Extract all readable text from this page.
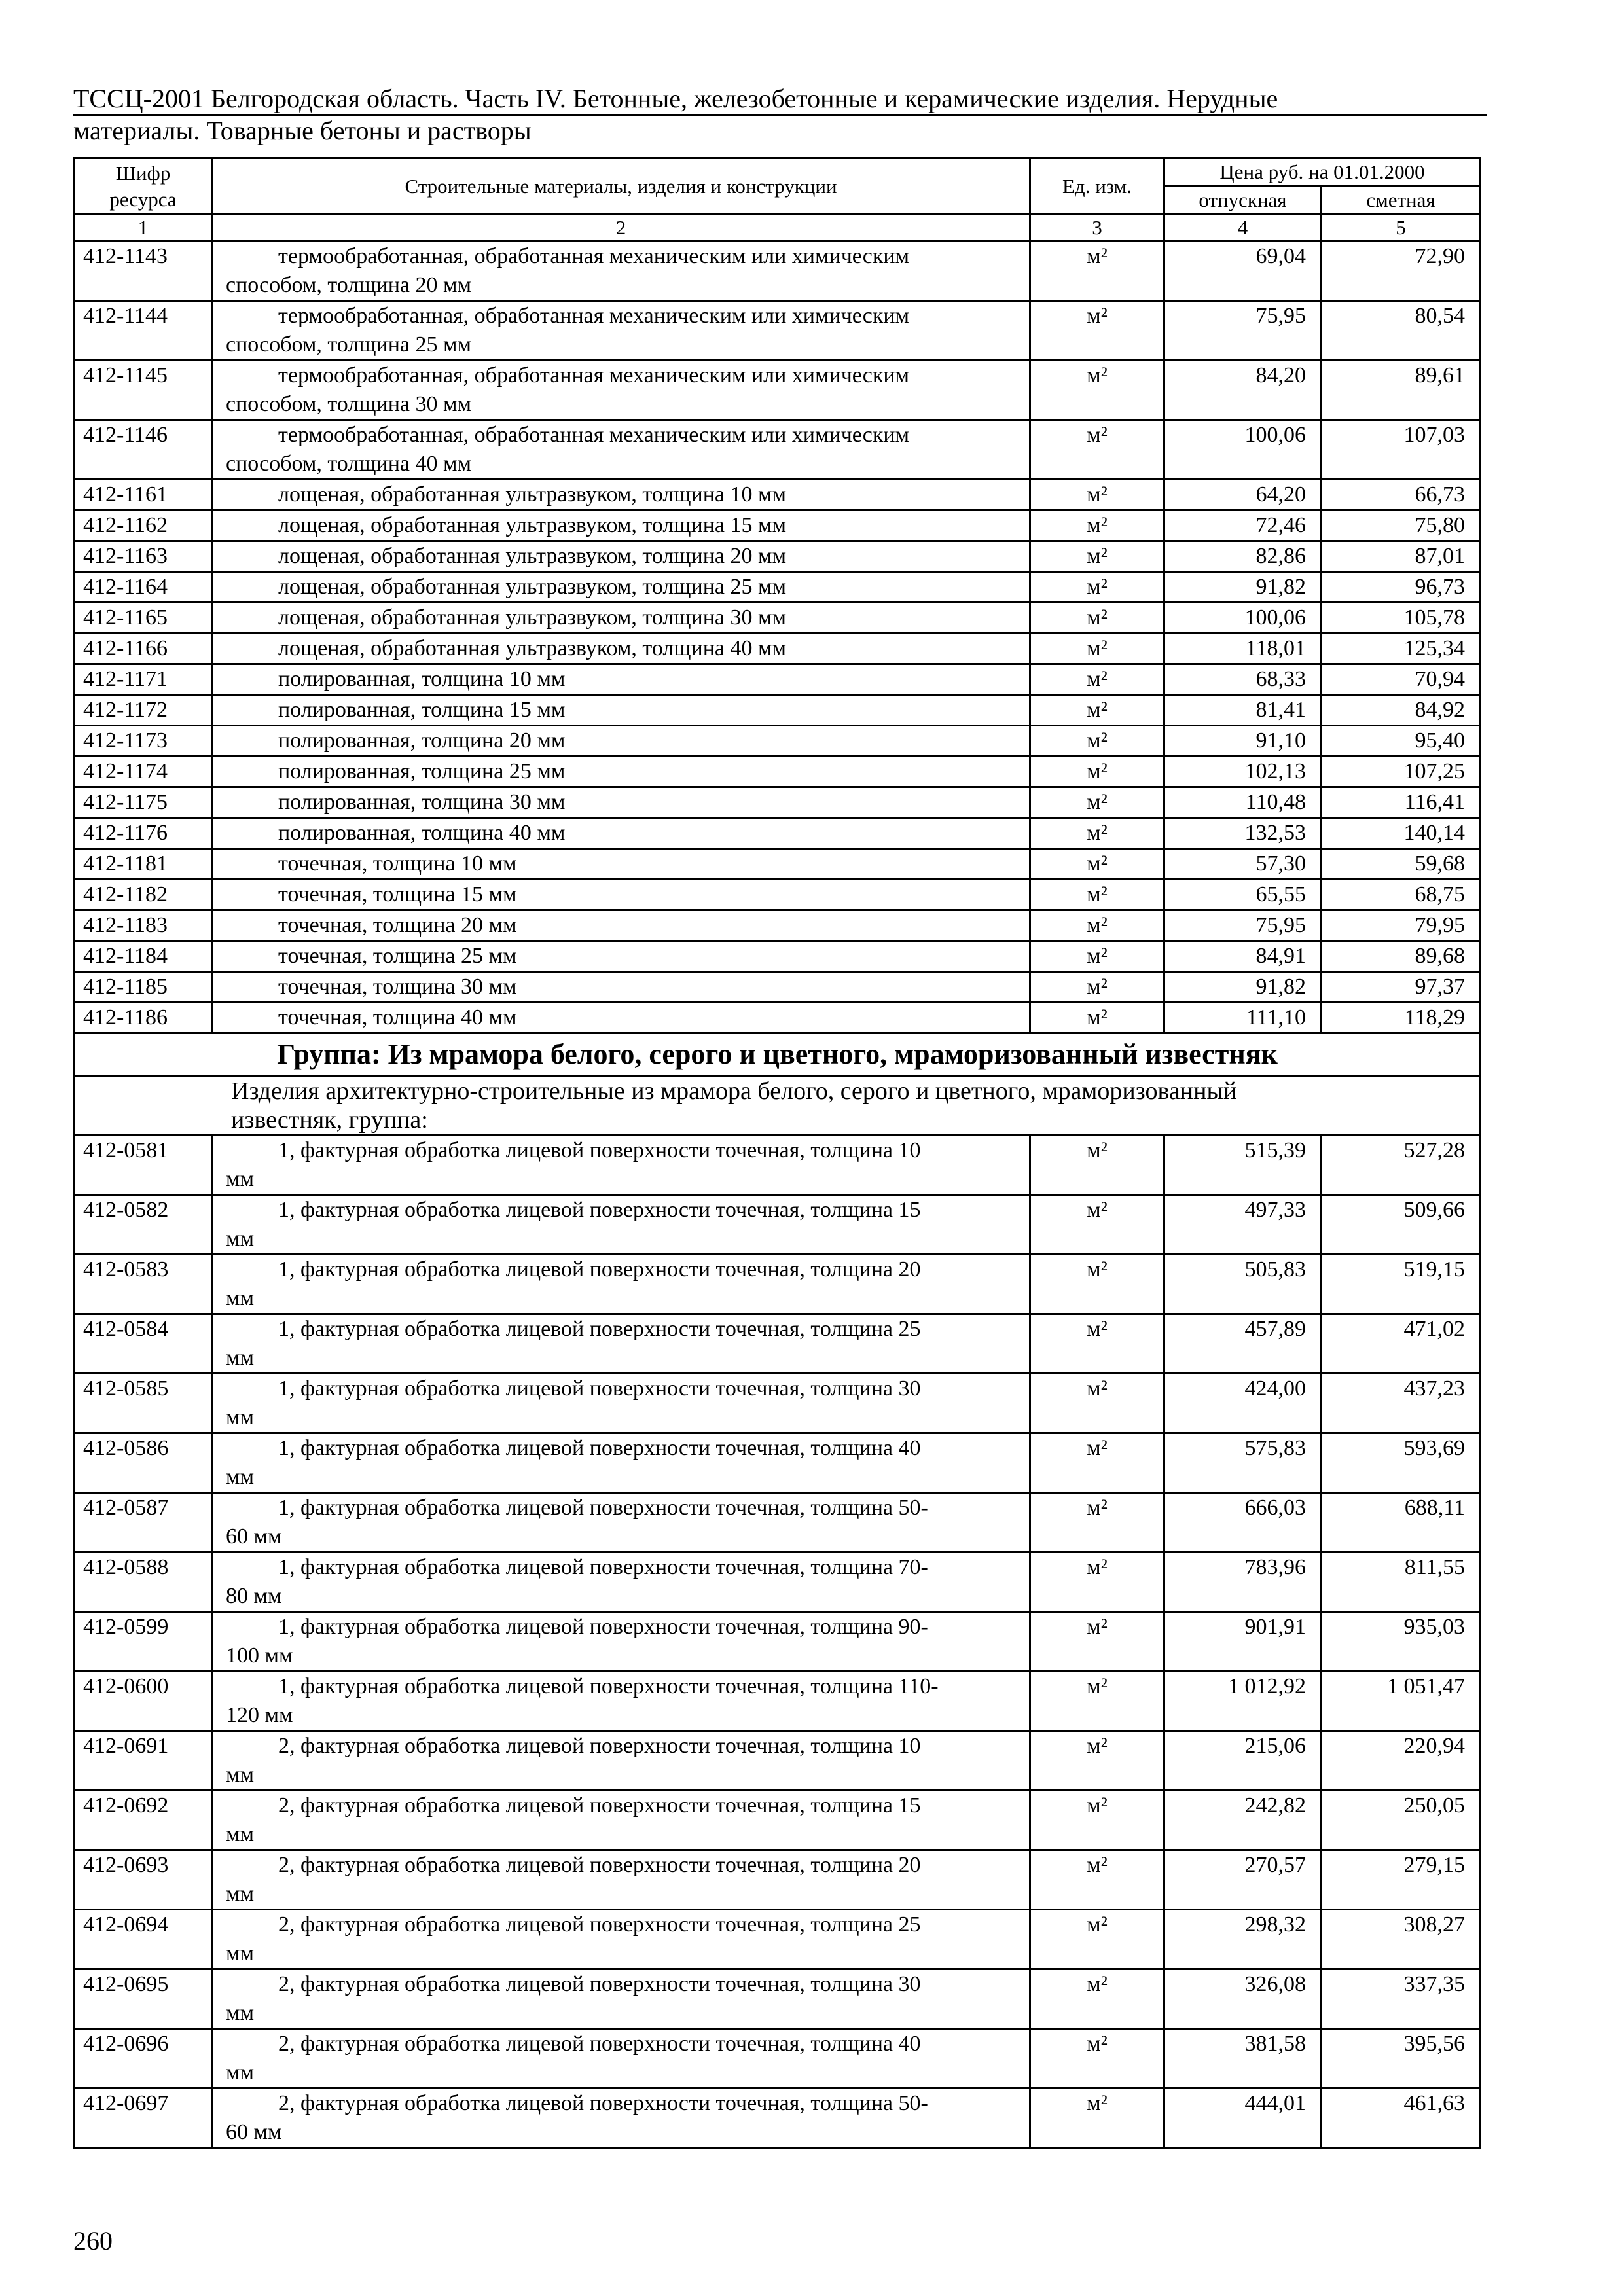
ТССЦ-2001 Белгородская область. Часть IV. Бетонные, железобетонные и керамические изделия. Нерудные
материалы. Товарные бетоны и растворы
Шифр ресурса	Строительные материалы, изделия и конструкции	Ед. изм.	Цена руб. на 01.01.2000	
			отпускная	сметная
1	2	3	4	5
412-1143	термообработанная, обработанная механическим или химическим
способом, толщина 20 мм	м²	69,04	72,90
412-1144	термообработанная, обработанная механическим или химическим
способом, толщина 25 мм	м²	75,95	80,54
412-1145	термообработанная, обработанная механическим или химическим
способом, толщина 30 мм	м²	84,20	89,61
412-1146	термообработанная, обработанная механическим или химическим
способом, толщина 40 мм	м²	100,06	107,03
412-1161	лощеная, обработанная ультразвуком, толщина 10 мм	м²	64,20	66,73
412-1162	лощеная, обработанная ультразвуком, толщина 15 мм	м²	72,46	75,80
412-1163	лощеная, обработанная ультразвуком, толщина 20 мм	м²	82,86	87,01
412-1164	лощеная, обработанная ультразвуком, толщина 25 мм	м²	91,82	96,73
412-1165	лощеная, обработанная ультразвуком, толщина 30 мм	м²	100,06	105,78
412-1166	лощеная, обработанная ультразвуком, толщина 40 мм	м²	118,01	125,34
412-1171	полированная, толщина 10 мм	м²	68,33	70,94
412-1172	полированная, толщина 15 мм	м²	81,41	84,92
412-1173	полированная, толщина 20 мм	м²	91,10	95,40
412-1174	полированная, толщина 25 мм	м²	102,13	107,25
412-1175	полированная, толщина 30 мм	м²	110,48	116,41
412-1176	полированная, толщина 40 мм	м²	132,53	140,14
412-1181	точечная, толщина 10 мм	м²	57,30	59,68
412-1182	точечная, толщина 15 мм	м²	65,55	68,75
412-1183	точечная, толщина 20 мм	м²	75,95	79,95
412-1184	точечная, толщина 25 мм	м²	84,91	89,68
412-1185	точечная, толщина 30 мм	м²	91,82	97,37
412-1186	точечная, толщина 40 мм	м²	111,10	118,29
Группа: Из мрамора белого, серого и цветного, мраморизованный известняк				

Изделия архитектурно-строительные из мрамора белого, серого и цветного, мраморизованный
известняк, группа:				

412-0581	1, фактурная обработка лицевой поверхности точечная, толщина 10
мм	м²	515,39	527,28
412-0582	1, фактурная обработка лицевой поверхности точечная, толщина 15
мм	м²	497,33	509,66
412-0583	1, фактурная обработка лицевой поверхности точечная, толщина 20
мм	м²	505,83	519,15
412-0584	1, фактурная обработка лицевой поверхности точечная, толщина 25
мм	м²	457,89	471,02
412-0585	1, фактурная обработка лицевой поверхности точечная, толщина 30
мм	м²	424,00	437,23
412-0586	1, фактурная обработка лицевой поверхности точечная, толщина 40
мм	м²	575,83	593,69
412-0587	1, фактурная обработка лицевой поверхности точечная, толщина 50-
60 мм	м²	666,03	688,11
412-0588	1, фактурная обработка лицевой поверхности точечная, толщина 70-
80 мм	м²	783,96	811,55
412-0599	1, фактурная обработка лицевой поверхности точечная, толщина 90-
100 мм	м²	901,91	935,03
412-0600	1, фактурная обработка лицевой поверхности точечная, толщина 110-
120 мм	м²	1 012,92	1 051,47
412-0691	2, фактурная обработка лицевой поверхности точечная, толщина 10
мм	м²	215,06	220,94
412-0692	2, фактурная обработка лицевой поверхности точечная, толщина 15
мм	м²	242,82	250,05
412-0693	2, фактурная обработка лицевой поверхности точечная, толщина 20
мм	м²	270,57	279,15
412-0694	2, фактурная обработка лицевой поверхности точечная, толщина 25
мм	м²	298,32	308,27
412-0695	2, фактурная обработка лицевой поверхности точечная, толщина 30
мм	м²	326,08	337,35
412-0696	2, фактурная обработка лицевой поверхности точечная, толщина 40
мм	м²	381,58	395,56
412-0697	2, фактурная обработка лицевой поверхности точечная, толщина 50-
60 мм	м²	444,01	461,63
260
